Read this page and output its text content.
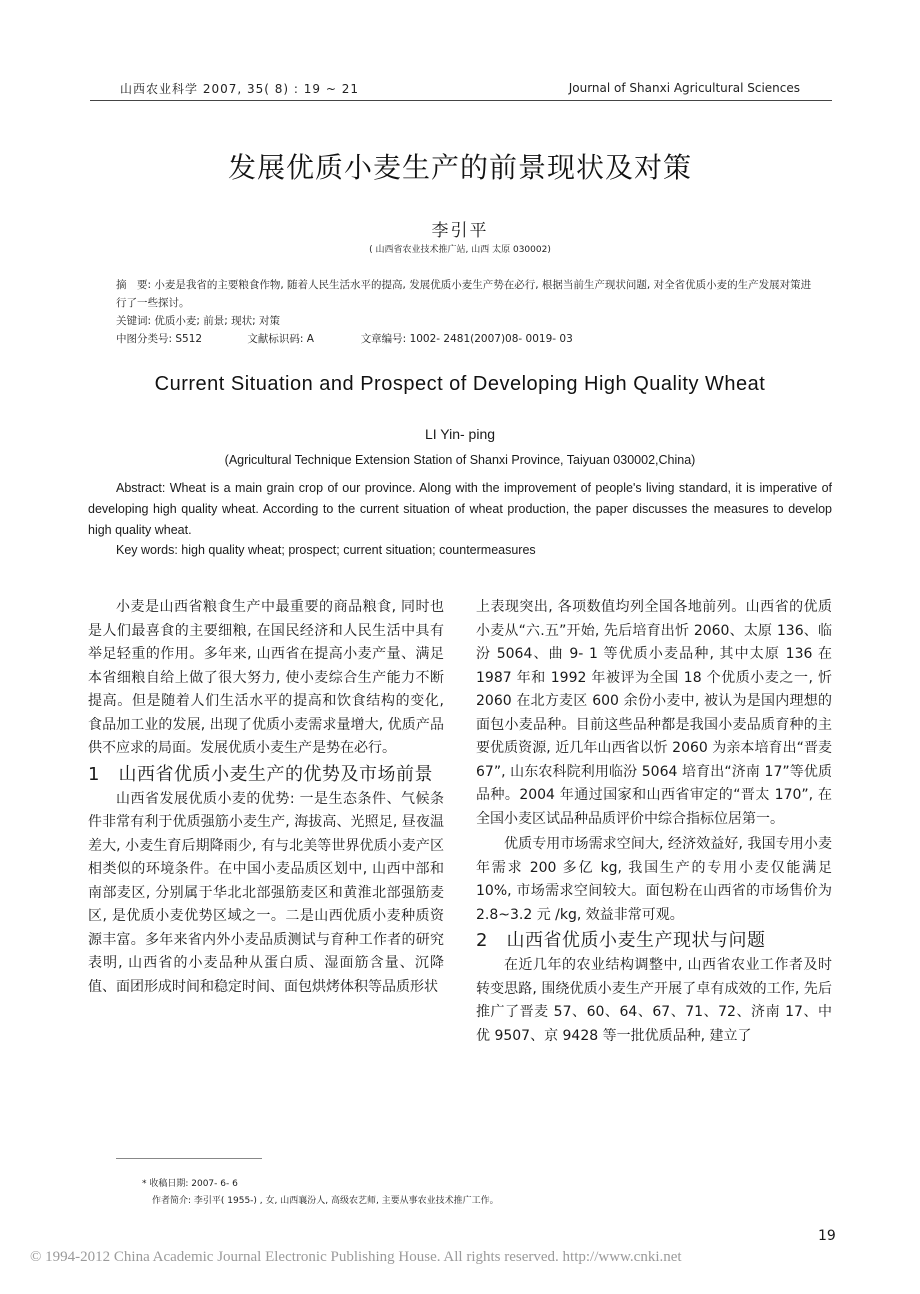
山西农业科学 2007, 35( 8) : 19 ~ 21	Journal of Shanxi Agricultural Sciences
发展优质小麦生产的前景现状及对策
李引平
( 山西省农业技术推广站, 山西 太原 030002)

摘　要: 小麦是我省的主要粮食作物, 随着人民生活水平的提高, 发展优质小麦生产势在必行, 根据当前生产现状问题, 对全省优质小麦的生产发展对策进行了一些探讨。

关键词: 优质小麦; 前景; 现状; 对策

中图分类号: S512	文献标识码: A	文章编号: 1002- 2481(2007)08- 0019- 03

Current Situation and Prospect of Developing High Quality Wheat
LI Yin- ping
(Agricultural Technique Extension Station of Shanxi Province, Taiyuan 030002,China)

Abstract: Wheat is a main grain crop of our province. Along with the improvement of people's living standard, it is imperative of developing high quality wheat. According to the current situation of wheat production, the paper discusses the measures to develop high quality wheat.

Key words: high quality wheat; prospect; current situation; countermeasures

小麦是山西省粮食生产中最重要的商品粮食, 同时也是人们最喜食的主要细粮, 在国民经济和人民生活中具有举足轻重的作用。多年来, 山西省在提高小麦产量、满足本省细粮自给上做了很大努力, 使小麦综合生产能力不断提高。但是随着人们生活水平的提高和饮食结构的变化, 食品加工业的发展, 出现了优质小麦需求量增大, 优质产品供不应求的局面。发展优质小麦生产是势在必行。

1　山西省优质小麦生产的优势及市场前景

山西省发展优质小麦的优势: 一是生态条件、气候条件非常有利于优质强筋小麦生产, 海拔高、光照足, 昼夜温差大, 小麦生育后期降雨少, 有与北美等世界优质小麦产区相类似的环境条件。在中国小麦品质区划中, 山西中部和南部麦区, 分别属于华北北部强筋麦区和黄淮北部强筋麦区, 是优质小麦优势区域之一。二是山西优质小麦种质资源丰富。多年来省内外小麦品质测试与育种工作者的研究表明, 山西省的小麦品种从蛋白质、湿面筋含量、沉降值、面团形成时间和稳定时间、面包烘烤体积等品质形状

上表现突出, 各项数值均列全国各地前列。山西省的优质小麦从“六.五”开始, 先后培育出忻 2060、太原 136、临汾 5064、曲 9- 1 等优质小麦品种, 其中太原 136 在 1987 年和 1992 年被评为全国 18 个优质小麦之一, 忻 2060 在北方麦区 600 余份小麦中, 被认为是国内理想的面包小麦品种。目前这些品种都是我国小麦品质育种的主要优质资源, 近几年山西省以忻 2060 为亲本培育出“晋麦 67”, 山东农科院利用临汾 5064 培育出“济南 17”等优质品种。2004 年通过国家和山西省审定的“晋太 170”, 在全国小麦区试品种品质评价中综合指标位居第一。

优质专用市场需求空间大, 经济效益好, 我国专用小麦年需求 200 多亿 kg, 我国生产的专用小麦仅能满足 10%, 市场需求空间较大。面包粉在山西省的市场售价为 2.8~3.2 元 /kg, 效益非常可观。

2　山西省优质小麦生产现状与问题

在近几年的农业结构调整中, 山西省农业工作者及时转变思路, 围绕优质小麦生产开展了卓有成效的工作, 先后推广了晋麦 57、60、64、67、71、72、济南 17、中优 9507、京 9428 等一批优质品种, 建立了

* 收稿日期: 2007- 6- 6

作者简介: 李引平( 1955-) , 女, 山西襄汾人, 高级农艺师, 主要从事农业技术推广工作。

19
© 1994-2012 China Academic Journal Electronic Publishing House. All rights reserved. http://www.cnki.net
